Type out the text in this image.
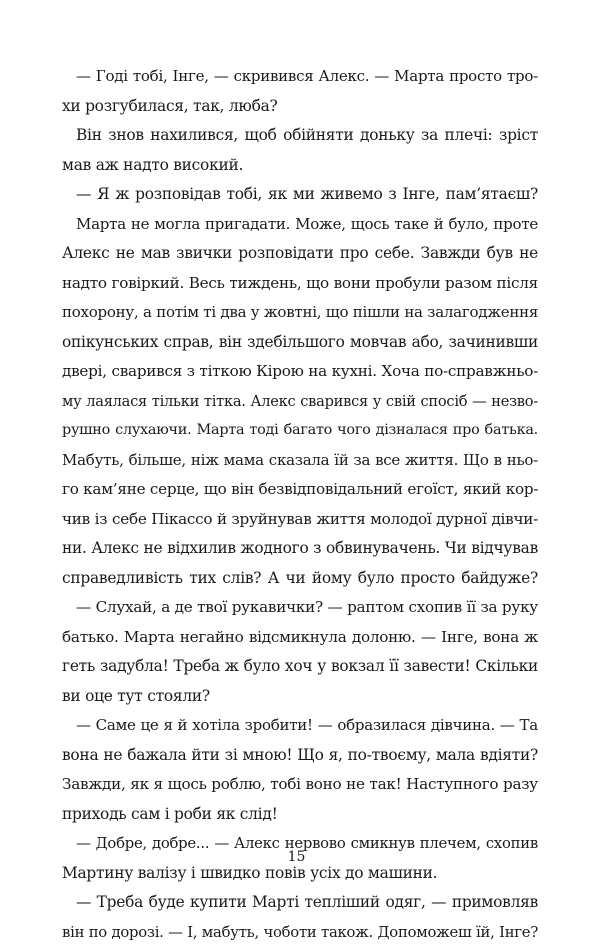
— Годі тобі, Інге, — скривився Алекс. — Марта просто тро-
хи розгубилася, так, люба?
Він знов нахилився, щоб обійняти доньку за плечі: зріст
мав аж надто високий.
— Я ж розповідав тобі, як ми живемо з Інге, пам’ятаєш?
Марта не могла пригадати. Може, щось таке й було, проте
Алекс не мав звички розповідати про себе. Завжди був не
надто говіркий. Весь тиждень, що вони пробули разом після
похорону, а потім ті два у жовтні, що пішли на залагодження
опікунських справ, він здебільшого мовчав або, зачинивши
двері, сварився з тіткою Кірою на кухні. Хоча по-справжньо-
му лаялася тільки тітка. Алекс сварився у свій спосіб — незво-
рушно слухаючи. Марта тоді багато чого дізналася про батька.
Мабуть, більше, ніж мама сказала їй за все життя. Що в ньо-
го кам’яне серце, що він безвідповідальний егоїст, який кор-
чив із себе Пікассо й зруйнував життя молодої дурної дівчи-
ни. Алекс не відхилив жодного з обвинувачень. Чи відчував
справедливість тих слів? А чи йому було просто байдуже?
— Слухай, а де твої рукавички? — раптом схопив її за руку
батько. Марта негайно відсмикнула долоню. — Інге, вона ж
геть задубла! Треба ж було хоч у вокзал її завести! Скільки
ви оце тут стояли?
— Саме це я й хотіла зробити! — образилася дівчина. — Та
вона не бажала йти зі мною! Що я, по-твоєму, мала вдіяти?
Завжди, як я щось роблю, тобі воно не так! Наступного разу
приходь сам і роби як слід!
— Добре, добре... — Алекс нервово смикнув плечем, схопив
Мартину валізу і швидко повів усіх до машини.
— Треба буде купити Марті тепліший одяг, — примовляв
він по дорозі. — І, мабуть, чоботи також. Допоможеш їй, Інге?
15
